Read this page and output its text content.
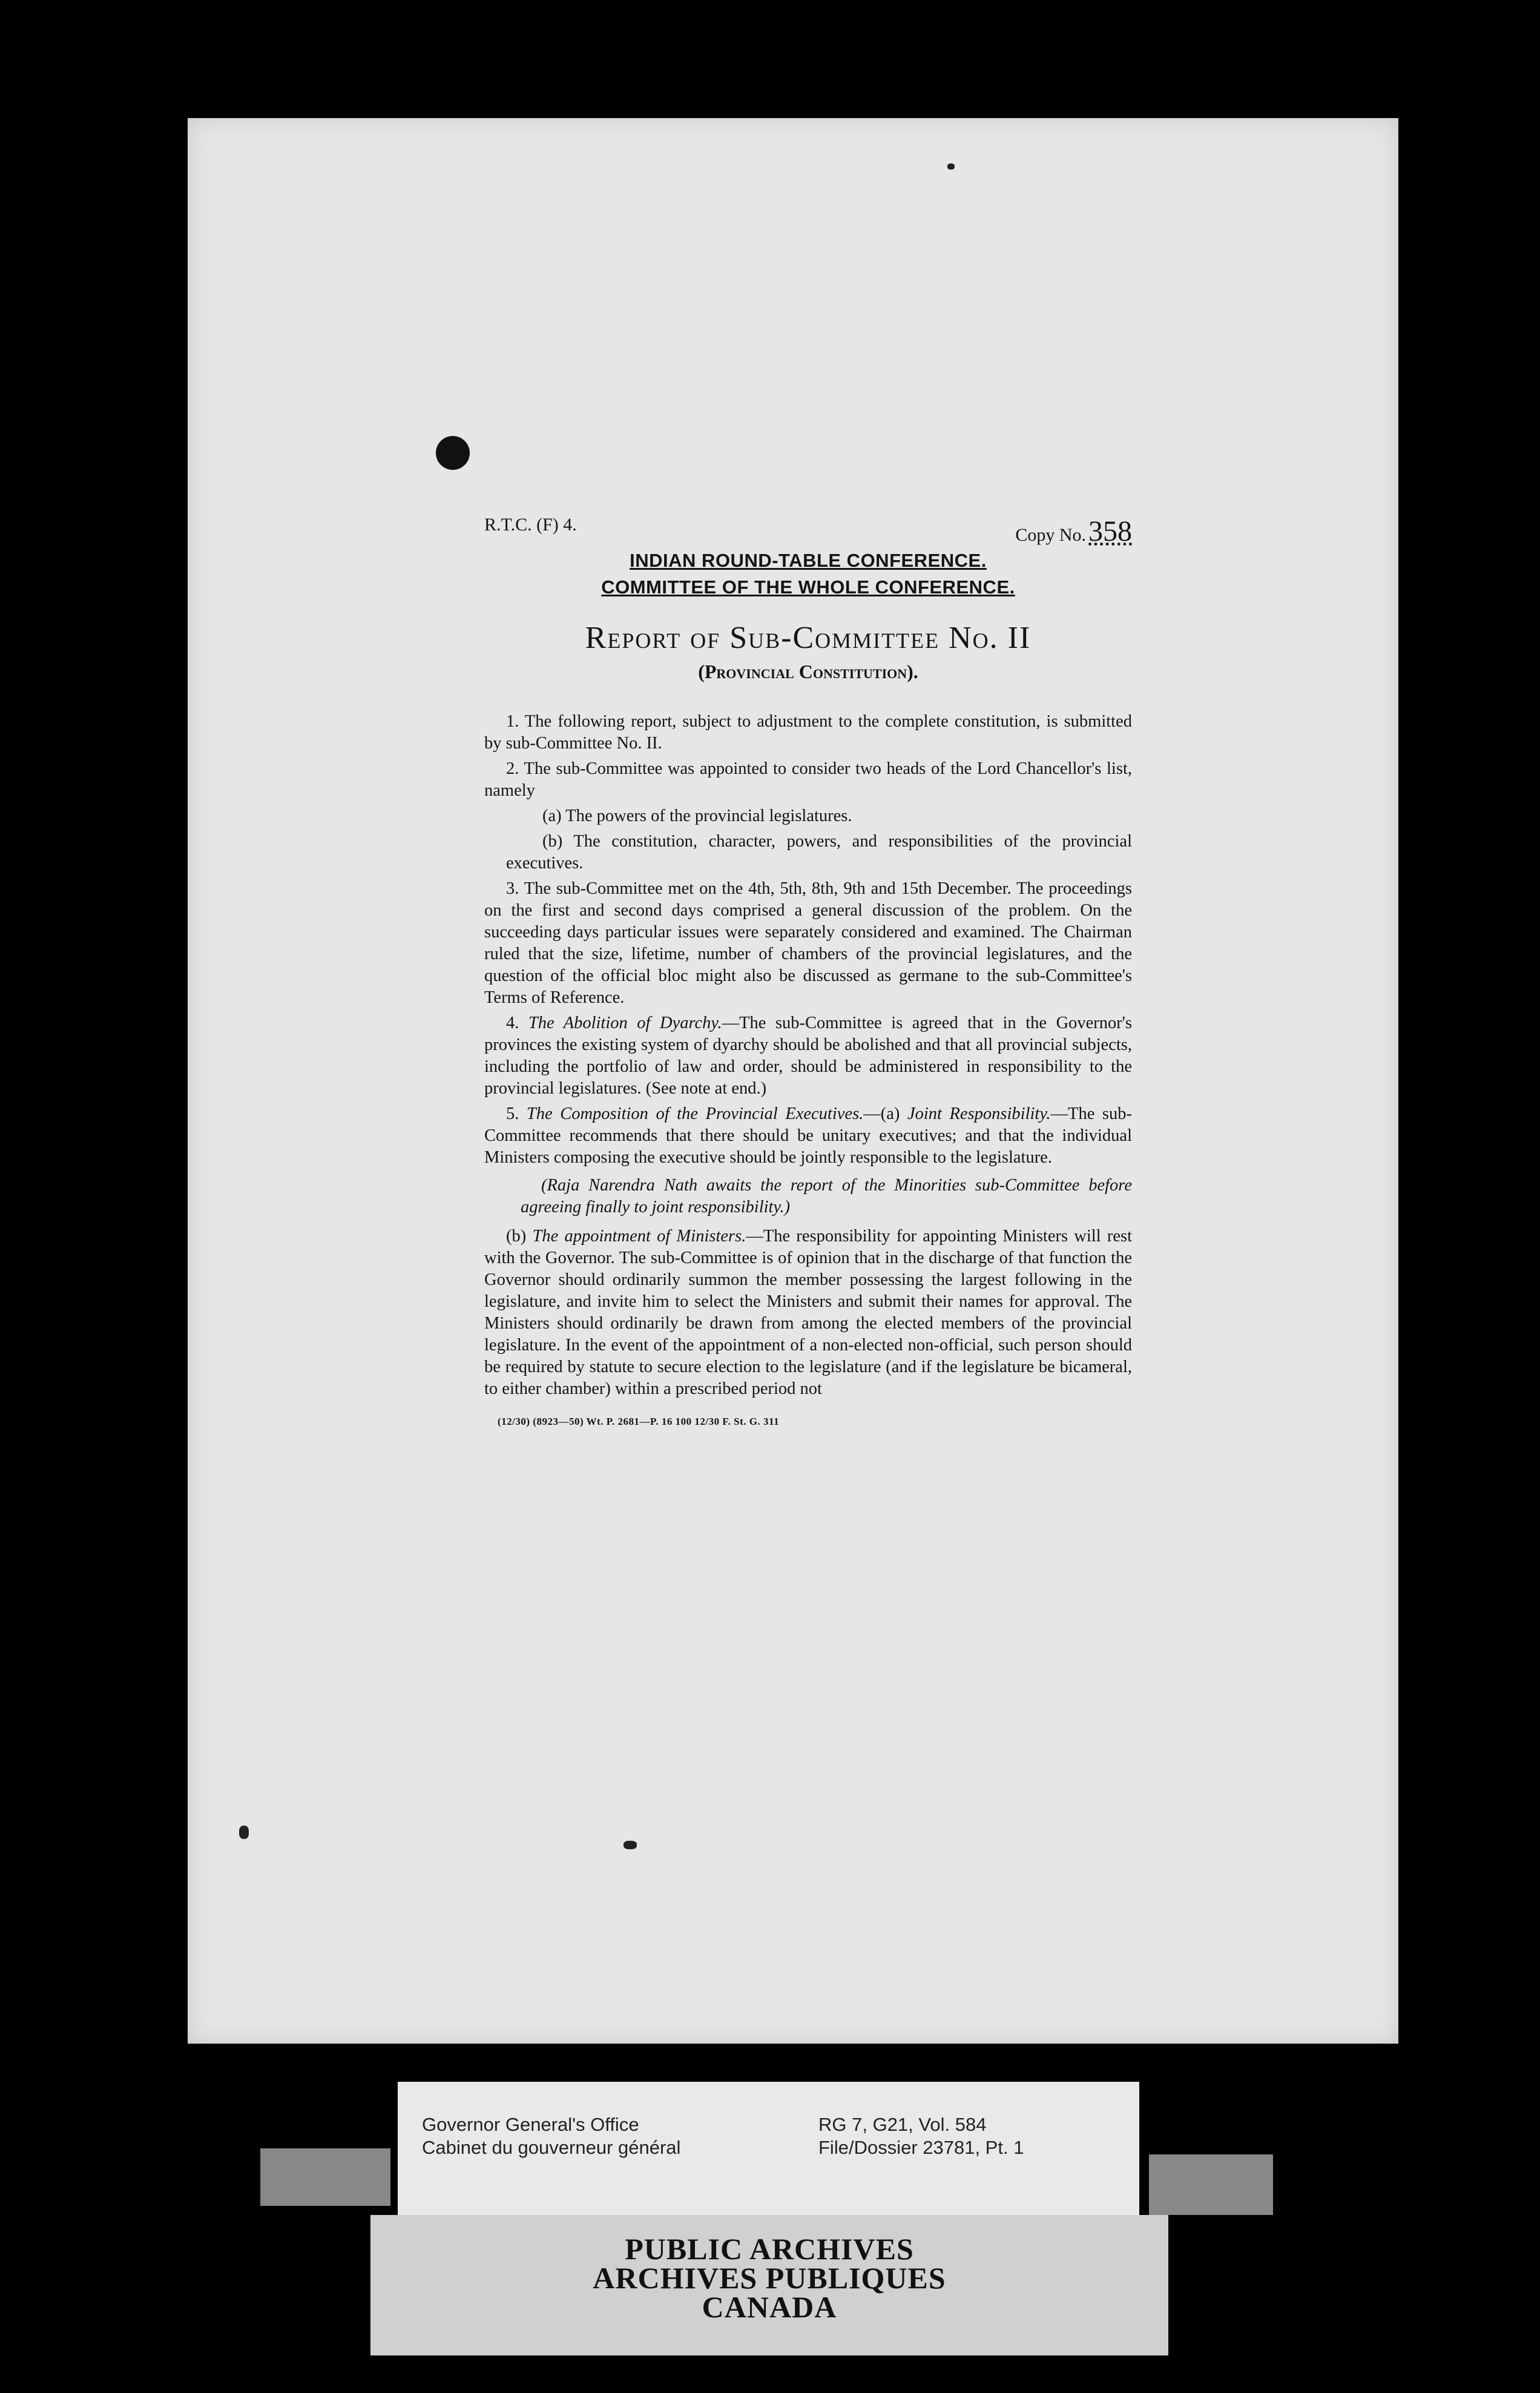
R.T.C. (F) 4.
Copy No.358
INDIAN ROUND-TABLE CONFERENCE.
COMMITTEE OF THE WHOLE CONFERENCE.
Report of Sub-Committee No. II
(Provincial Constitution).

1. The following report, subject to adjustment to the complete constitution, is submitted by sub-Committee No. II.

2. The sub-Committee was appointed to consider two heads of the Lord Chancellor's list, namely

(a) The powers of the provincial legislatures.

(b) The constitution, character, powers, and responsibilities of the provincial executives.

3. The sub-Committee met on the 4th, 5th, 8th, 9th and 15th December. The proceedings on the first and second days comprised a general discussion of the problem. On the succeeding days particular issues were separately considered and examined. The Chairman ruled that the size, lifetime, number of chambers of the provincial legislatures, and the question of the official bloc might also be discussed as germane to the sub-Committee's Terms of Reference.

4. The Abolition of Dyarchy.—The sub-Committee is agreed that in the Governor's provinces the existing system of dyarchy should be abolished and that all provincial subjects, including the portfolio of law and order, should be administered in responsibility to the provincial legislatures. (See note at end.)

5. The Composition of the Provincial Executives.—(a) Joint Responsibility.—The sub-Committee recommends that there should be unitary executives; and that the individual Ministers composing the executive should be jointly responsible to the legislature.

(Raja Narendra Nath awaits the report of the Minorities sub-Committee before agreeing finally to joint responsibility.)

(b) The appointment of Ministers.—The responsibility for appointing Ministers will rest with the Governor. The sub-Committee is of opinion that in the discharge of that function the Governor should ordinarily summon the member possessing the largest following in the legislature, and invite him to select the Ministers and submit their names for approval. The Ministers should ordinarily be drawn from among the elected members of the provincial legislature. In the event of the appointment of a non-elected non-official, such person should be required by statute to secure election to the legislature (and if the legislature be bicameral, to either chamber) within a prescribed period not

(12/30) (8923—50) Wt. P. 2681—P. 16 100 12/30 F. St. G. 311
Governor General's Office
Cabinet du gouverneur général
RG 7, G21, Vol. 584
File/Dossier 23781, Pt. 1
PUBLIC ARCHIVES
ARCHIVES PUBLIQUES
CANADA
